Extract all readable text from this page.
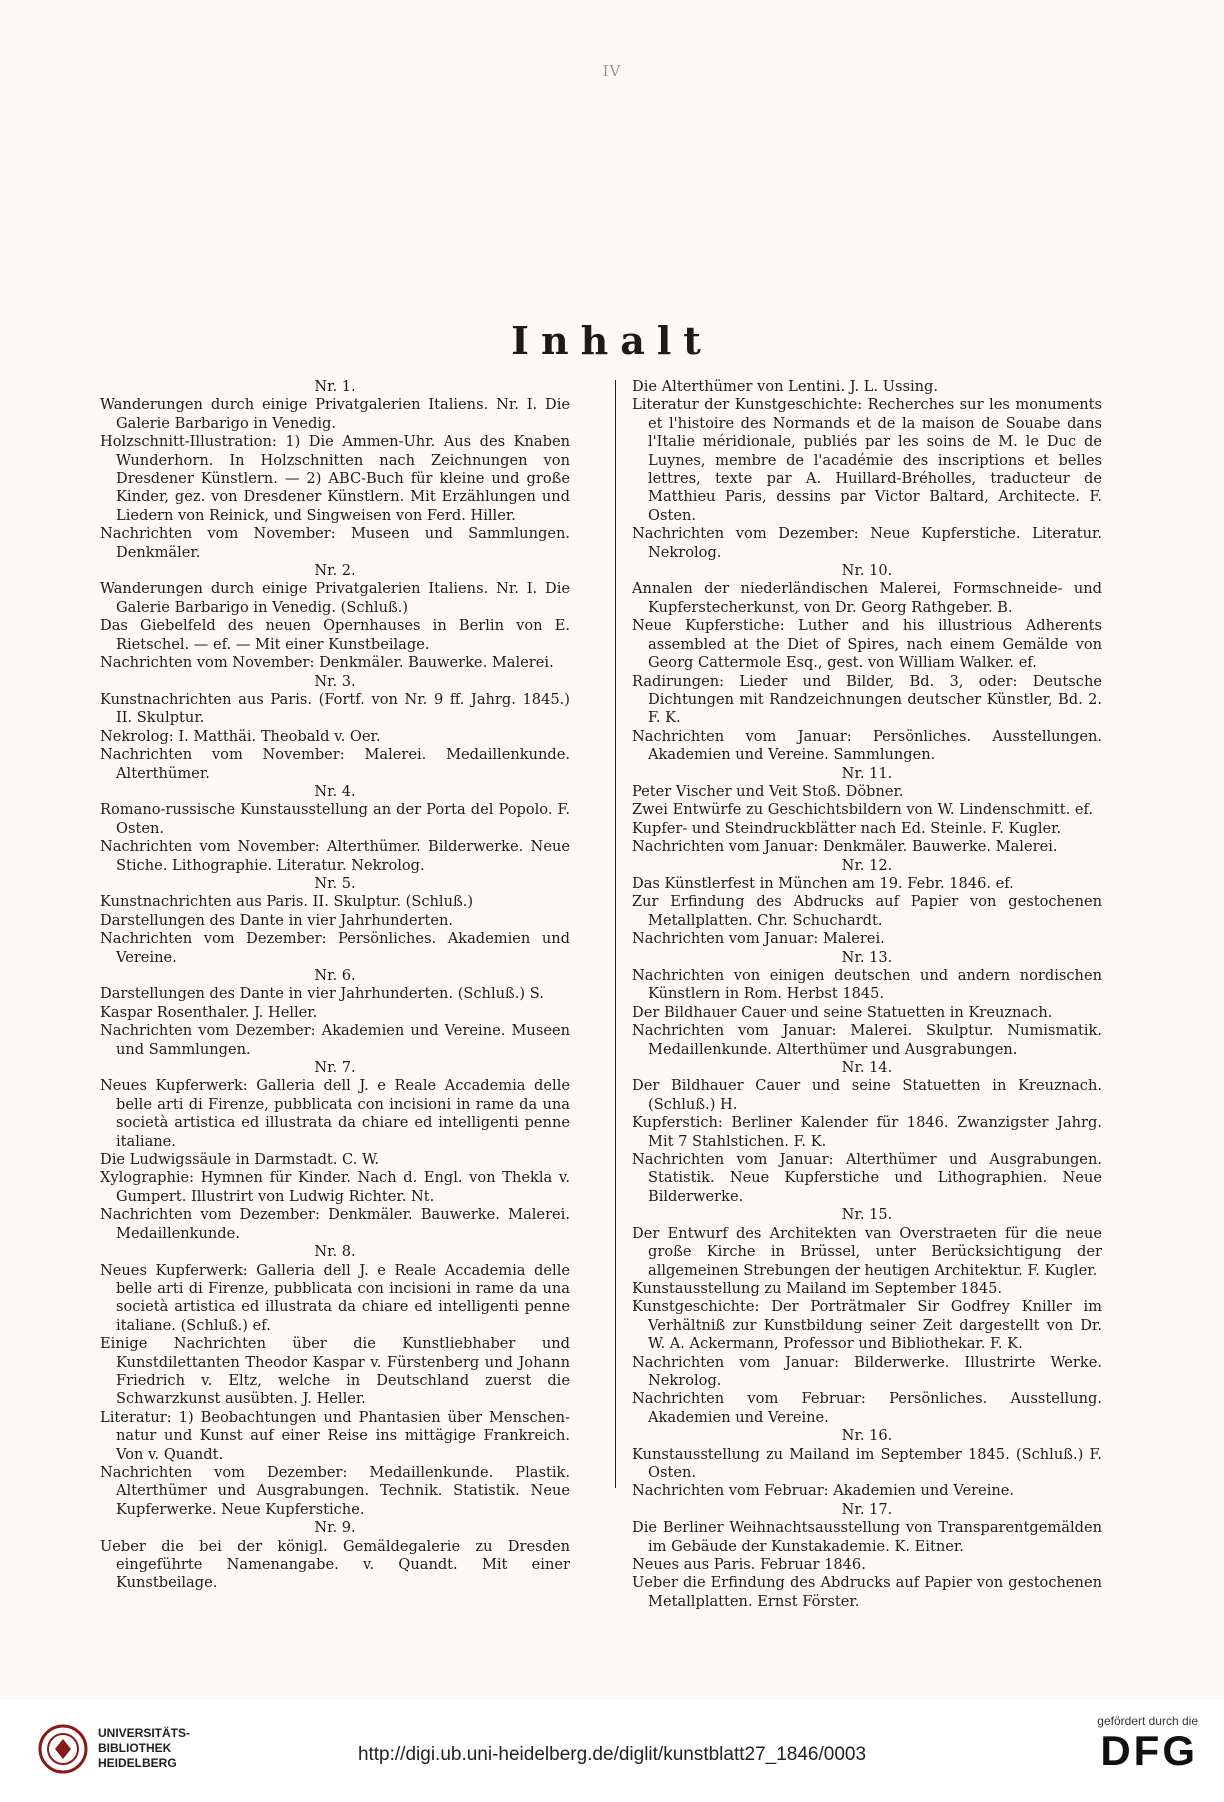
IV
Inhalt

Nr. 1.

Wanderungen durch einige Privatgalerien Italiens. Nr. I. Die Galerie Barbarigo in Venedig.

Holzschnitt-Illustration: 1) Die Ammen-Uhr. Aus des Knaben Wunderhorn. In Holzschnitten nach Zeichnungen von Dresdener Künstlern. — 2) ABC-Buch für kleine und große Kinder, gez. von Dresdener Künstlern. Mit Erzählungen und Liedern von Reinick, und Singweisen von Ferd. Hiller.

Nachrichten vom November: Museen und Sammlungen. Denkmäler.

Nr. 2.

Wanderungen durch einige Privatgalerien Italiens. Nr. I. Die Galerie Barbarigo in Venedig. (Schluß.)

Das Giebelfeld des neuen Opernhauses in Berlin von E. Rietschel. — ef. — Mit einer Kunstbeilage.

Nachrichten vom November: Denkmäler. Bauwerke. Malerei.

Nr. 3.

Kunstnachrichten aus Paris. (Fortf. von Nr. 9 ff. Jahrg. 1845.) II. Skulptur.

Nekrolog: I. Matthäi. Theobald v. Oer.

Nachrichten vom November: Malerei. Medaillenkunde. Alterthümer.

Nr. 4.

Romano-russische Kunstausstellung an der Porta del Popolo. F. Osten.

Nachrichten vom November: Alterthümer. Bilderwerke. Neue Stiche. Lithographie. Literatur. Nekrolog.

Nr. 5.

Kunstnachrichten aus Paris. II. Skulptur. (Schluß.)

Darstellungen des Dante in vier Jahrhunderten.

Nachrichten vom Dezember: Persönliches. Akademien und Vereine.

Nr. 6.

Darstellungen des Dante in vier Jahrhunderten. (Schluß.) S.

Kaspar Rosenthaler. J. Heller.

Nachrichten vom Dezember: Akademien und Vereine. Museen und Sammlungen.

Nr. 7.

Neues Kupferwerk: Galleria dell J. e Reale Accademia delle belle arti di Firenze, pubblicata con incisioni in rame da una società artistica ed illustrata da chiare ed intelligenti penne italiane.

Die Ludwigssäule in Darmstadt. C. W.

Xylographie: Hymnen für Kinder. Nach d. Engl. von Thekla v. Gumpert. Illustrirt von Ludwig Richter. Nt.

Nachrichten vom Dezember: Denkmäler. Bauwerke. Malerei. Medaillenkunde.

Nr. 8.

Neues Kupferwerk: Galleria dell J. e Reale Accademia delle belle arti di Firenze, pubblicata con incisioni in rame da una società artistica ed illustrata da chiare ed intelligenti penne italiane. (Schluß.) ef.

Einige Nachrichten über die Kunstliebhaber und Kunstdilettanten Theodor Kaspar v. Fürstenberg und Johann Friedrich v. Eltz, welche in Deutschland zuerst die Schwarzkunst ausübten. J. Heller.

Literatur: 1) Beobachtungen und Phantasien über Menschen-natur und Kunst auf einer Reise ins mittägige Frankreich. Von v. Quandt.

Nachrichten vom Dezember: Medaillenkunde. Plastik. Alterthümer und Ausgrabungen. Technik. Statistik. Neue Kupferwerke. Neue Kupferstiche.

Nr. 9.

Ueber die bei der königl. Gemäldegalerie zu Dresden eingeführte Namenangabe. v. Quandt. Mit einer Kunstbeilage.

Die Alterthümer von Lentini. J. L. Ussing.

Literatur der Kunstgeschichte: Recherches sur les monuments et l'histoire des Normands et de la maison de Souabe dans l'Italie méridionale, publiés par les soins de M. le Duc de Luynes, membre de l'académie des inscriptions et belles lettres, texte par A. Huillard-Bréholles, traducteur de Matthieu Paris, dessins par Victor Baltard, Architecte. F. Osten.

Nachrichten vom Dezember: Neue Kupferstiche. Literatur. Nekrolog.

Nr. 10.

Annalen der niederländischen Malerei, Formschneide- und Kupferstecherkunst, von Dr. Georg Rathgeber. B.

Neue Kupferstiche: Luther and his illustrious Adherents assembled at the Diet of Spires, nach einem Gemälde von Georg Cattermole Esq., gest. von William Walker. ef.

Radirungen: Lieder und Bilder, Bd. 3, oder: Deutsche Dichtungen mit Randzeichnungen deutscher Künstler, Bd. 2. F. K.

Nachrichten vom Januar: Persönliches. Ausstellungen. Akademien und Vereine. Sammlungen.

Nr. 11.

Peter Vischer und Veit Stoß. Döbner.

Zwei Entwürfe zu Geschichtsbildern von W. Lindenschmitt. ef.

Kupfer- und Steindruckblätter nach Ed. Steinle. F. Kugler.

Nachrichten vom Januar: Denkmäler. Bauwerke. Malerei.

Nr. 12.

Das Künstlerfest in München am 19. Febr. 1846. ef.

Zur Erfindung des Abdrucks auf Papier von gestochenen Metallplatten. Chr. Schuchardt.

Nachrichten vom Januar: Malerei.

Nr. 13.

Nachrichten von einigen deutschen und andern nordischen Künstlern in Rom. Herbst 1845.

Der Bildhauer Cauer und seine Statuetten in Kreuznach.

Nachrichten vom Januar: Malerei. Skulptur. Numismatik. Medaillenkunde. Alterthümer und Ausgrabungen.

Nr. 14.

Der Bildhauer Cauer und seine Statuetten in Kreuznach. (Schluß.) H.

Kupferstich: Berliner Kalender für 1846. Zwanzigster Jahrg. Mit 7 Stahlstichen. F. K.

Nachrichten vom Januar: Alterthümer und Ausgrabungen. Statistik. Neue Kupferstiche und Lithographien. Neue Bilderwerke.

Nr. 15.

Der Entwurf des Architekten van Overstraeten für die neue große Kirche in Brüssel, unter Berücksichtigung der allgemeinen Strebungen der heutigen Architektur. F. Kugler.

Kunstausstellung zu Mailand im September 1845.

Kunstgeschichte: Der Porträtmaler Sir Godfrey Kniller im Verhältniß zur Kunstbildung seiner Zeit dargestellt von Dr. W. A. Ackermann, Professor und Bibliothekar. F. K.

Nachrichten vom Januar: Bilderwerke. Illustrirte Werke. Nekrolog.

Nachrichten vom Februar: Persönliches. Ausstellung. Akademien und Vereine.

Nr. 16.

Kunstausstellung zu Mailand im September 1845. (Schluß.) F. Osten.

Nachrichten vom Februar: Akademien und Vereine.

Nr. 17.

Die Berliner Weihnachtsausstellung von Transparentgemälden im Gebäude der Kunstakademie. K. Eitner.

Neues aus Paris. Februar 1846.

Ueber die Erfindung des Abdrucks auf Papier von gestochenen Metallplatten. Ernst Förster.

UNIVERSITÄTS-
BIBLIOTHEK
HEIDELBERG	http://digi.ub.uni-heidelberg.de/diglit/kunstblatt27_1846/0003
gefördert durch die
DFG
